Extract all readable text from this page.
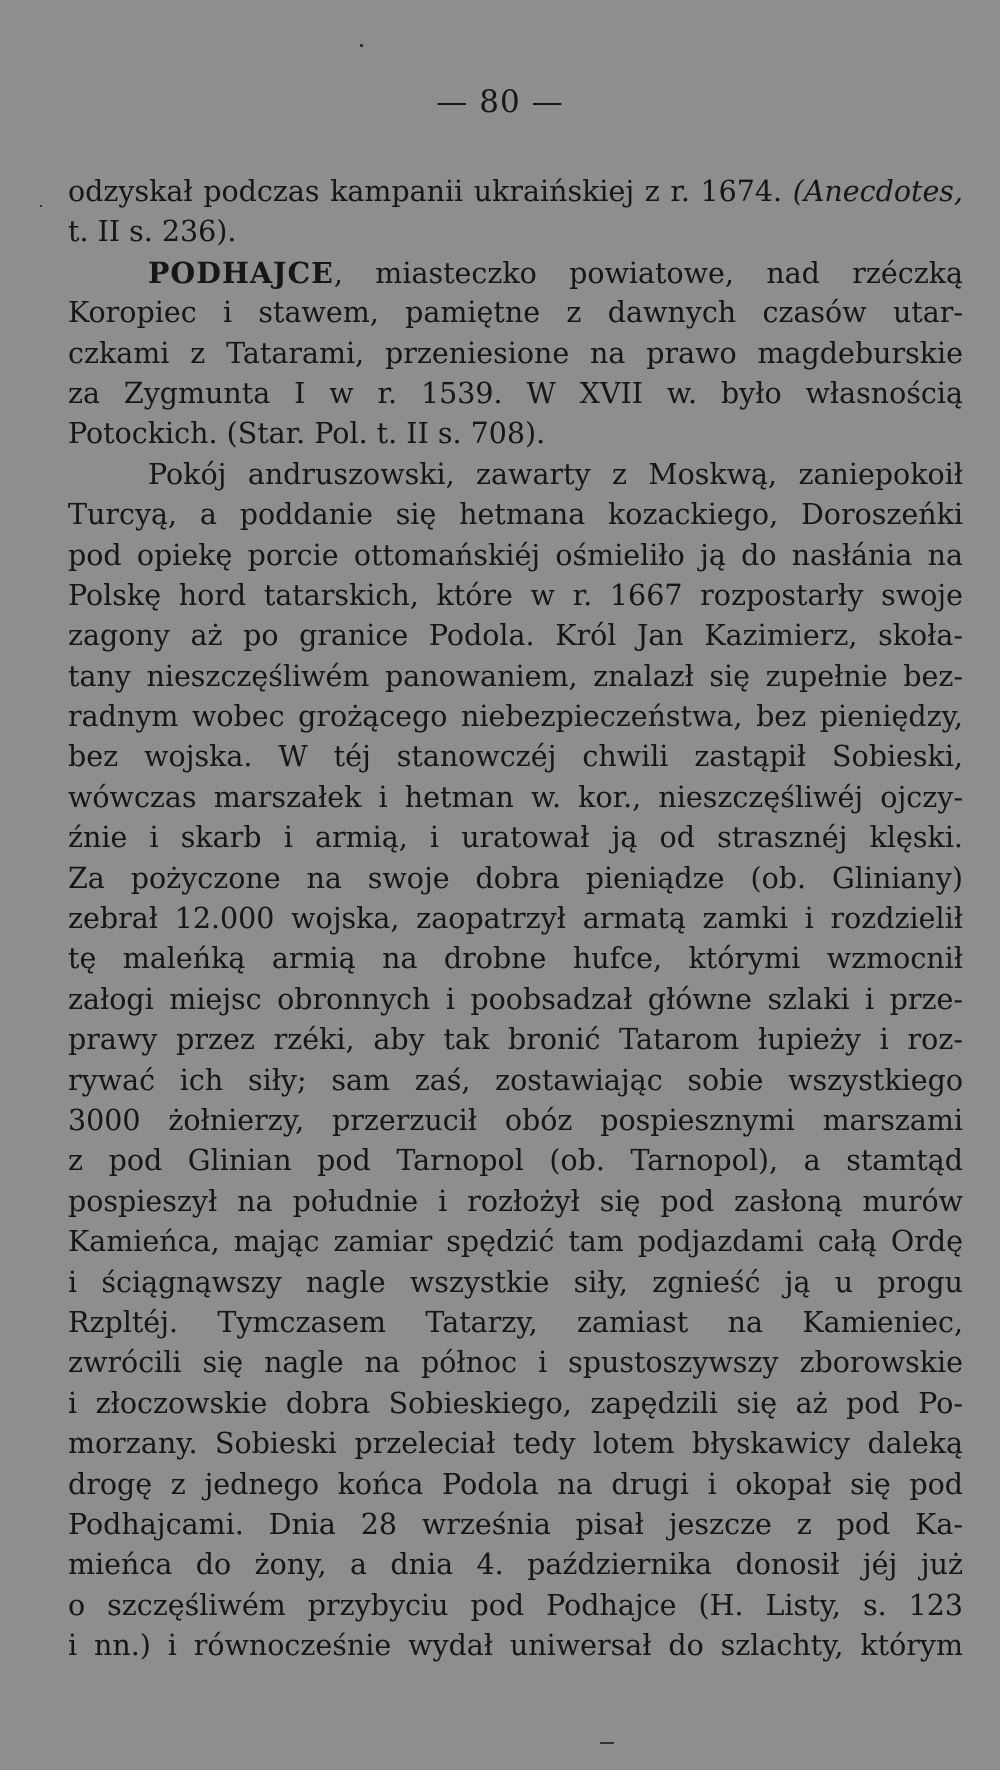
— 80 —
odzyskał podczas kampanii ukraińskiej z r. 1674. (Anecdotes,
t. II s. 236).
PODHAJCE, miasteczko powiatowe, nad rzéczką
Koropiec i stawem, pamiętne z dawnych czasów utar-
czkami z Tatarami, przeniesione na prawo magdeburskie
za Zygmunta I w r. 1539. W XVII w. było własnością
Potockich. (Star. Pol. t. II s. 708).
Pokój andruszowski, zawarty z Moskwą, zaniepokoił
Turcyą, a poddanie się hetmana kozackiego, Doroszeńki
pod opiekę porcie ottomańskiéj ośmieliło ją do nasłánia na
Polskę hord tatarskich, które w r. 1667 rozpostarły swoje
zagony aż po granice Podola. Król Jan Kazimierz, skoła-
tany nieszczęśliwém panowaniem, znalazł się zupełnie bez-
radnym wobec grożącego niebezpieczeństwa, bez pieniędzy,
bez wojska. W téj stanowczéj chwili zastąpił Sobieski,
wówczas marszałek i hetman w. kor., nieszczęśliwéj ojczy-
źnie i skarb i armią, i uratował ją od strasznéj klęski.
Za pożyczone na swoje dobra pieniądze (ob. Gliniany)
zebrał 12.000 wojska, zaopatrzył armatą zamki i rozdzielił
tę maleńką armią na drobne hufce, którymi wzmocnił
załogi miejsc obronnych i poobsadzał główne szlaki i prze-
prawy przez rzéki, aby tak bronić Tatarom łupieży i roz-
rywać ich siły; sam zaś, zostawiając sobie wszystkiego
3000 żołnierzy, przerzucił obóz pospiesznymi marszami
z pod Glinian pod Tarnopol (ob. Tarnopol), a stamtąd
pospieszył na południe i rozłożył się pod zasłoną murów
Kamieńca, mając zamiar spędzić tam podjazdami całą Ordę
i ściągnąwszy nagle wszystkie siły, zgnieść ją u progu
Rzpltéj. Tymczasem Tatarzy, zamiast na Kamieniec,
zwrócili się nagle na północ i spustoszywszy zborowskie
i złoczowskie dobra Sobieskiego, zapędzili się aż pod Po-
morzany. Sobieski przeleciał tedy lotem błyskawicy daleką
drogę z jednego końca Podola na drugi i okopał się pod
Podhajcami. Dnia 28 września pisał jeszcze z pod Ka-
mieńca do żony, a dnia 4. października donosił jéj już
o szczęśliwém przybyciu pod Podhajce (H. Listy, s. 123
i nn.) i równocześnie wydał uniwersał do szlachty, którym
